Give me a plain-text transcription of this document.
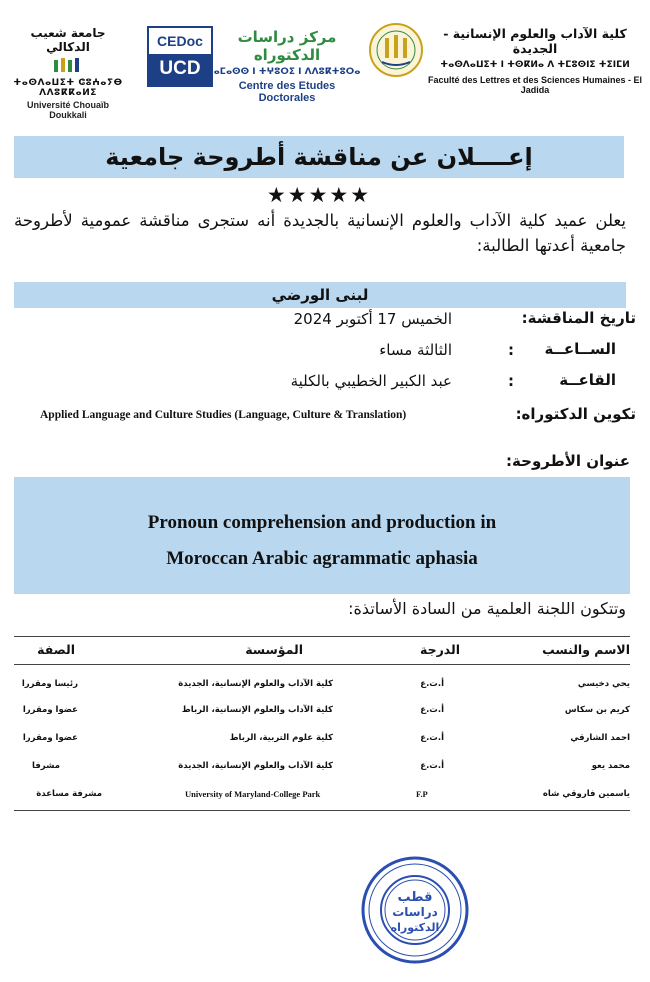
جامعة شعيب الدكالي
ⵜⴰⵙⴷⴰⵡⵉⵜ ⵛⵓⵄⴰⵢⴱ ⴷⴷⵓⴽⴽⴰⵍⵉ
Université Chouaïb Doukkali
CEDoc
UCD
مركز دراسات الدكتوراه
ⴰⵎⴰⵙⵙ ⵏ ⵜⵖⵓⵔⵉ ⵏ ⴷⴷⵓⴽⵜⵓⵔⴰ
Centre des Etudes Doctorales
كلية الآداب والعلوم الإنسانية - الجديدة
ⵜⴰⵙⴷⴰⵡⵉⵜ ⵏ ⵜⵙⴽⵍⴰ ⴷ ⵜⵎⵓⵙⵏⵉ ⵜⵉⵏⵎⵍ
Faculté des Lettres et des Sciences Humaines - El Jadida
إعــــلان عن مناقشة أطروحة جامعية
★★★★★
يعلن عميد كلية الآداب والعلوم الإنسانية بالجديدة أنه ستجرى مناقشة عمومية لأطروحة جامعية أعدتها الطالبة:
لبنى الورضي
تاريخ المناقشة:
الخميس 17 أكتوبر 2024
الســاعــة
:
الثالثة مساء
القاعــة
:
عبد الكبير الخطيبي بالكلية
تكوين الدكتوراه:
Applied Language and Culture Studies (Language, Culture & Translation)
عنوان الأطروحة:
Pronoun comprehension and production in
Moroccan Arabic agrammatic aphasia
وتتكون اللجنة العلمية من السادة الأساتذة:
الاسم والنسب
الدرجة
المؤسسة
الصفة
يحي دخيسي
أ.ت.ع
كلية الآداب والعلوم الإنسانية، الجديدة
رئيسا ومقررا
كريم بن سكاس
أ.ت.ع
كلية الآداب والعلوم الإنسانية، الرباط
عضوا ومقررا
احمد الشارقي
أ.ت.ع
كلية علوم التربية، الرباط
عضوا ومقررا
محمد يعو
أ.ت.ع
كلية الآداب والعلوم الإنسانية، الجديدة
مشرفا
ياسمين فاروقي شاه
F.P
University of Maryland-College Park
مشرفة مساعدة
قطب
دراسات
الدكتوراه
